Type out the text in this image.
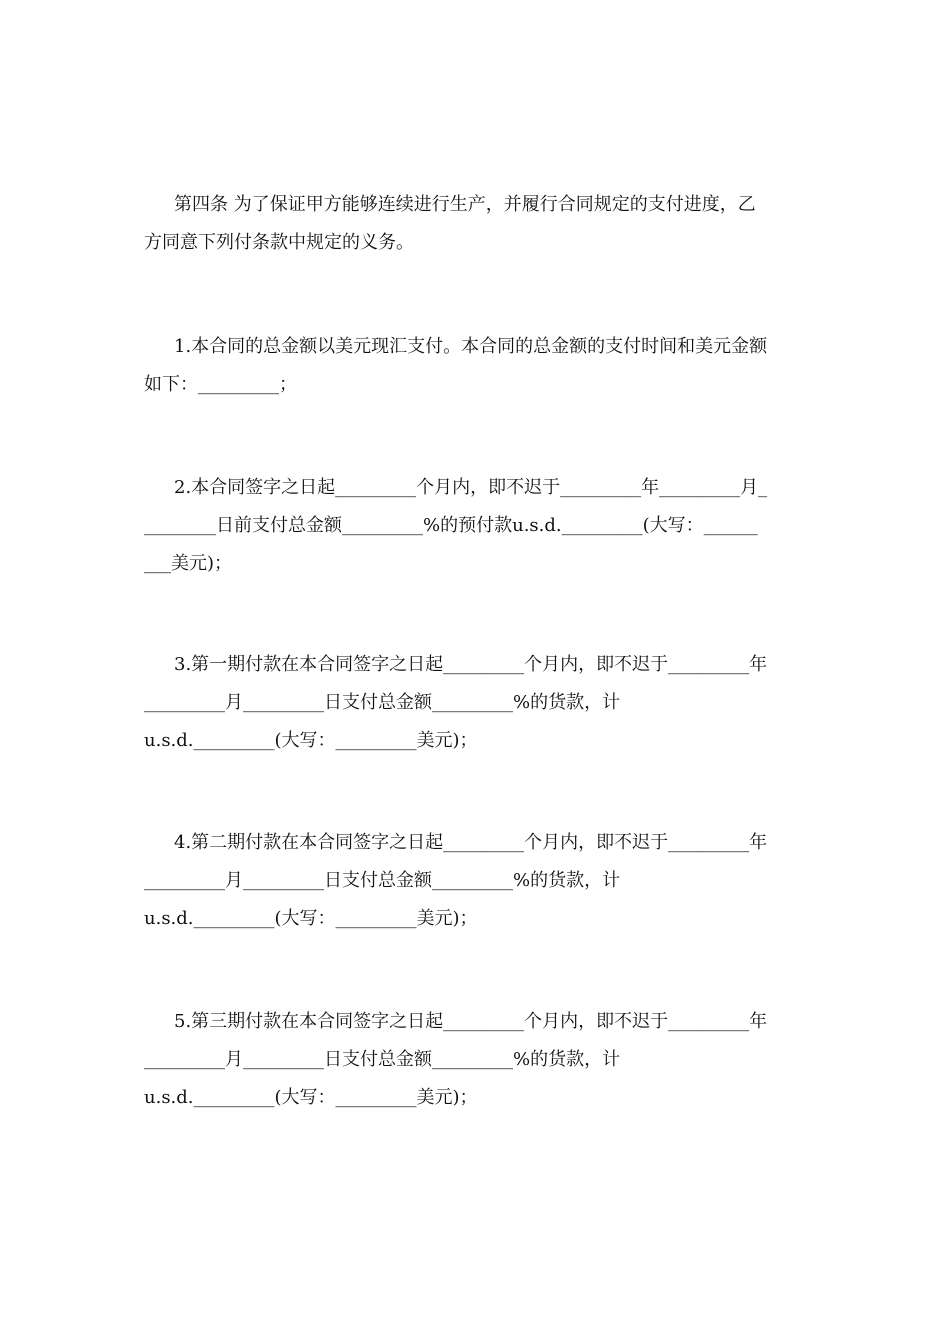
第四条 为了保证甲方能够连续进行生产，并履行合同规定的支付进度，乙
方同意下列付条款中规定的义务。
1.本合同的总金额以美元现汇支付。本合同的总金额的支付时间和美元金额
如下：_________；
2.本合同签字之日起_________个月内，即不迟于_________年_________月_
________日前支付总金额_________%的预付款u.s.d._________(大写：______
___美元)；
3.第一期付款在本合同签字之日起_________个月内，即不迟于_________年
_________月_________日支付总金额_________%的货款，计
u.s.d._________(大写：_________美元)；
4.第二期付款在本合同签字之日起_________个月内，即不迟于_________年
_________月_________日支付总金额_________%的货款，计
u.s.d._________(大写：_________美元)；
5.第三期付款在本合同签字之日起_________个月内，即不迟于_________年
_________月_________日支付总金额_________%的货款，计
u.s.d._________(大写：_________美元)；
